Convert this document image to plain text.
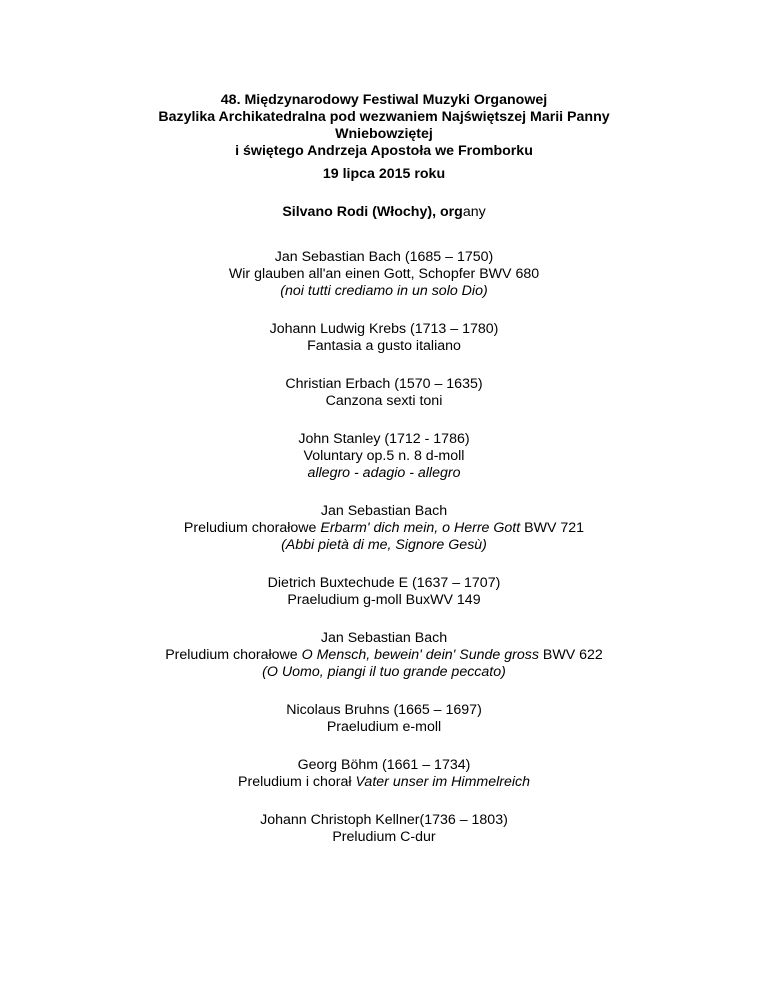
48. Międzynarodowy Festiwal Muzyki Organowej

Bazylika Archikatedralna pod wezwaniem Najświętszej Marii Panny

Wniebowziętej

i świętego Andrzeja Apostoła we Fromborku

19 lipca 2015 roku
Silvano Rodi (Włochy), organy

Jan Sebastian Bach (1685 – 1750)

Wir glauben all'an einen Gott, Schopfer BWV 680

(noi tutti crediamo in un solo Dio)

Johann Ludwig Krebs (1713 – 1780)

Fantasia a gusto italiano

Christian Erbach (1570 – 1635)

Canzona sexti toni

John Stanley (1712 - 1786)

Voluntary op.5 n. 8 d-moll

allegro - adagio - allegro

Jan Sebastian Bach

Preludium chorałowe Erbarm' dich mein, o Herre Gott BWV 721

(Abbi pietà di me, Signore Gesù)

Dietrich Buxtechude E (1637 – 1707)

Praeludium g-moll BuxWV 149

Jan Sebastian Bach

Preludium chorałowe O Mensch, bewein' dein' Sunde gross BWV 622

(O Uomo, piangi il tuo grande peccato)

Nicolaus Bruhns (1665 – 1697)

Praeludium e-moll

Georg Böhm (1661 – 1734)

Preludium i chorał Vater unser im Himmelreich

Johann Christoph Kellner(1736 – 1803)

Preludium C-dur
